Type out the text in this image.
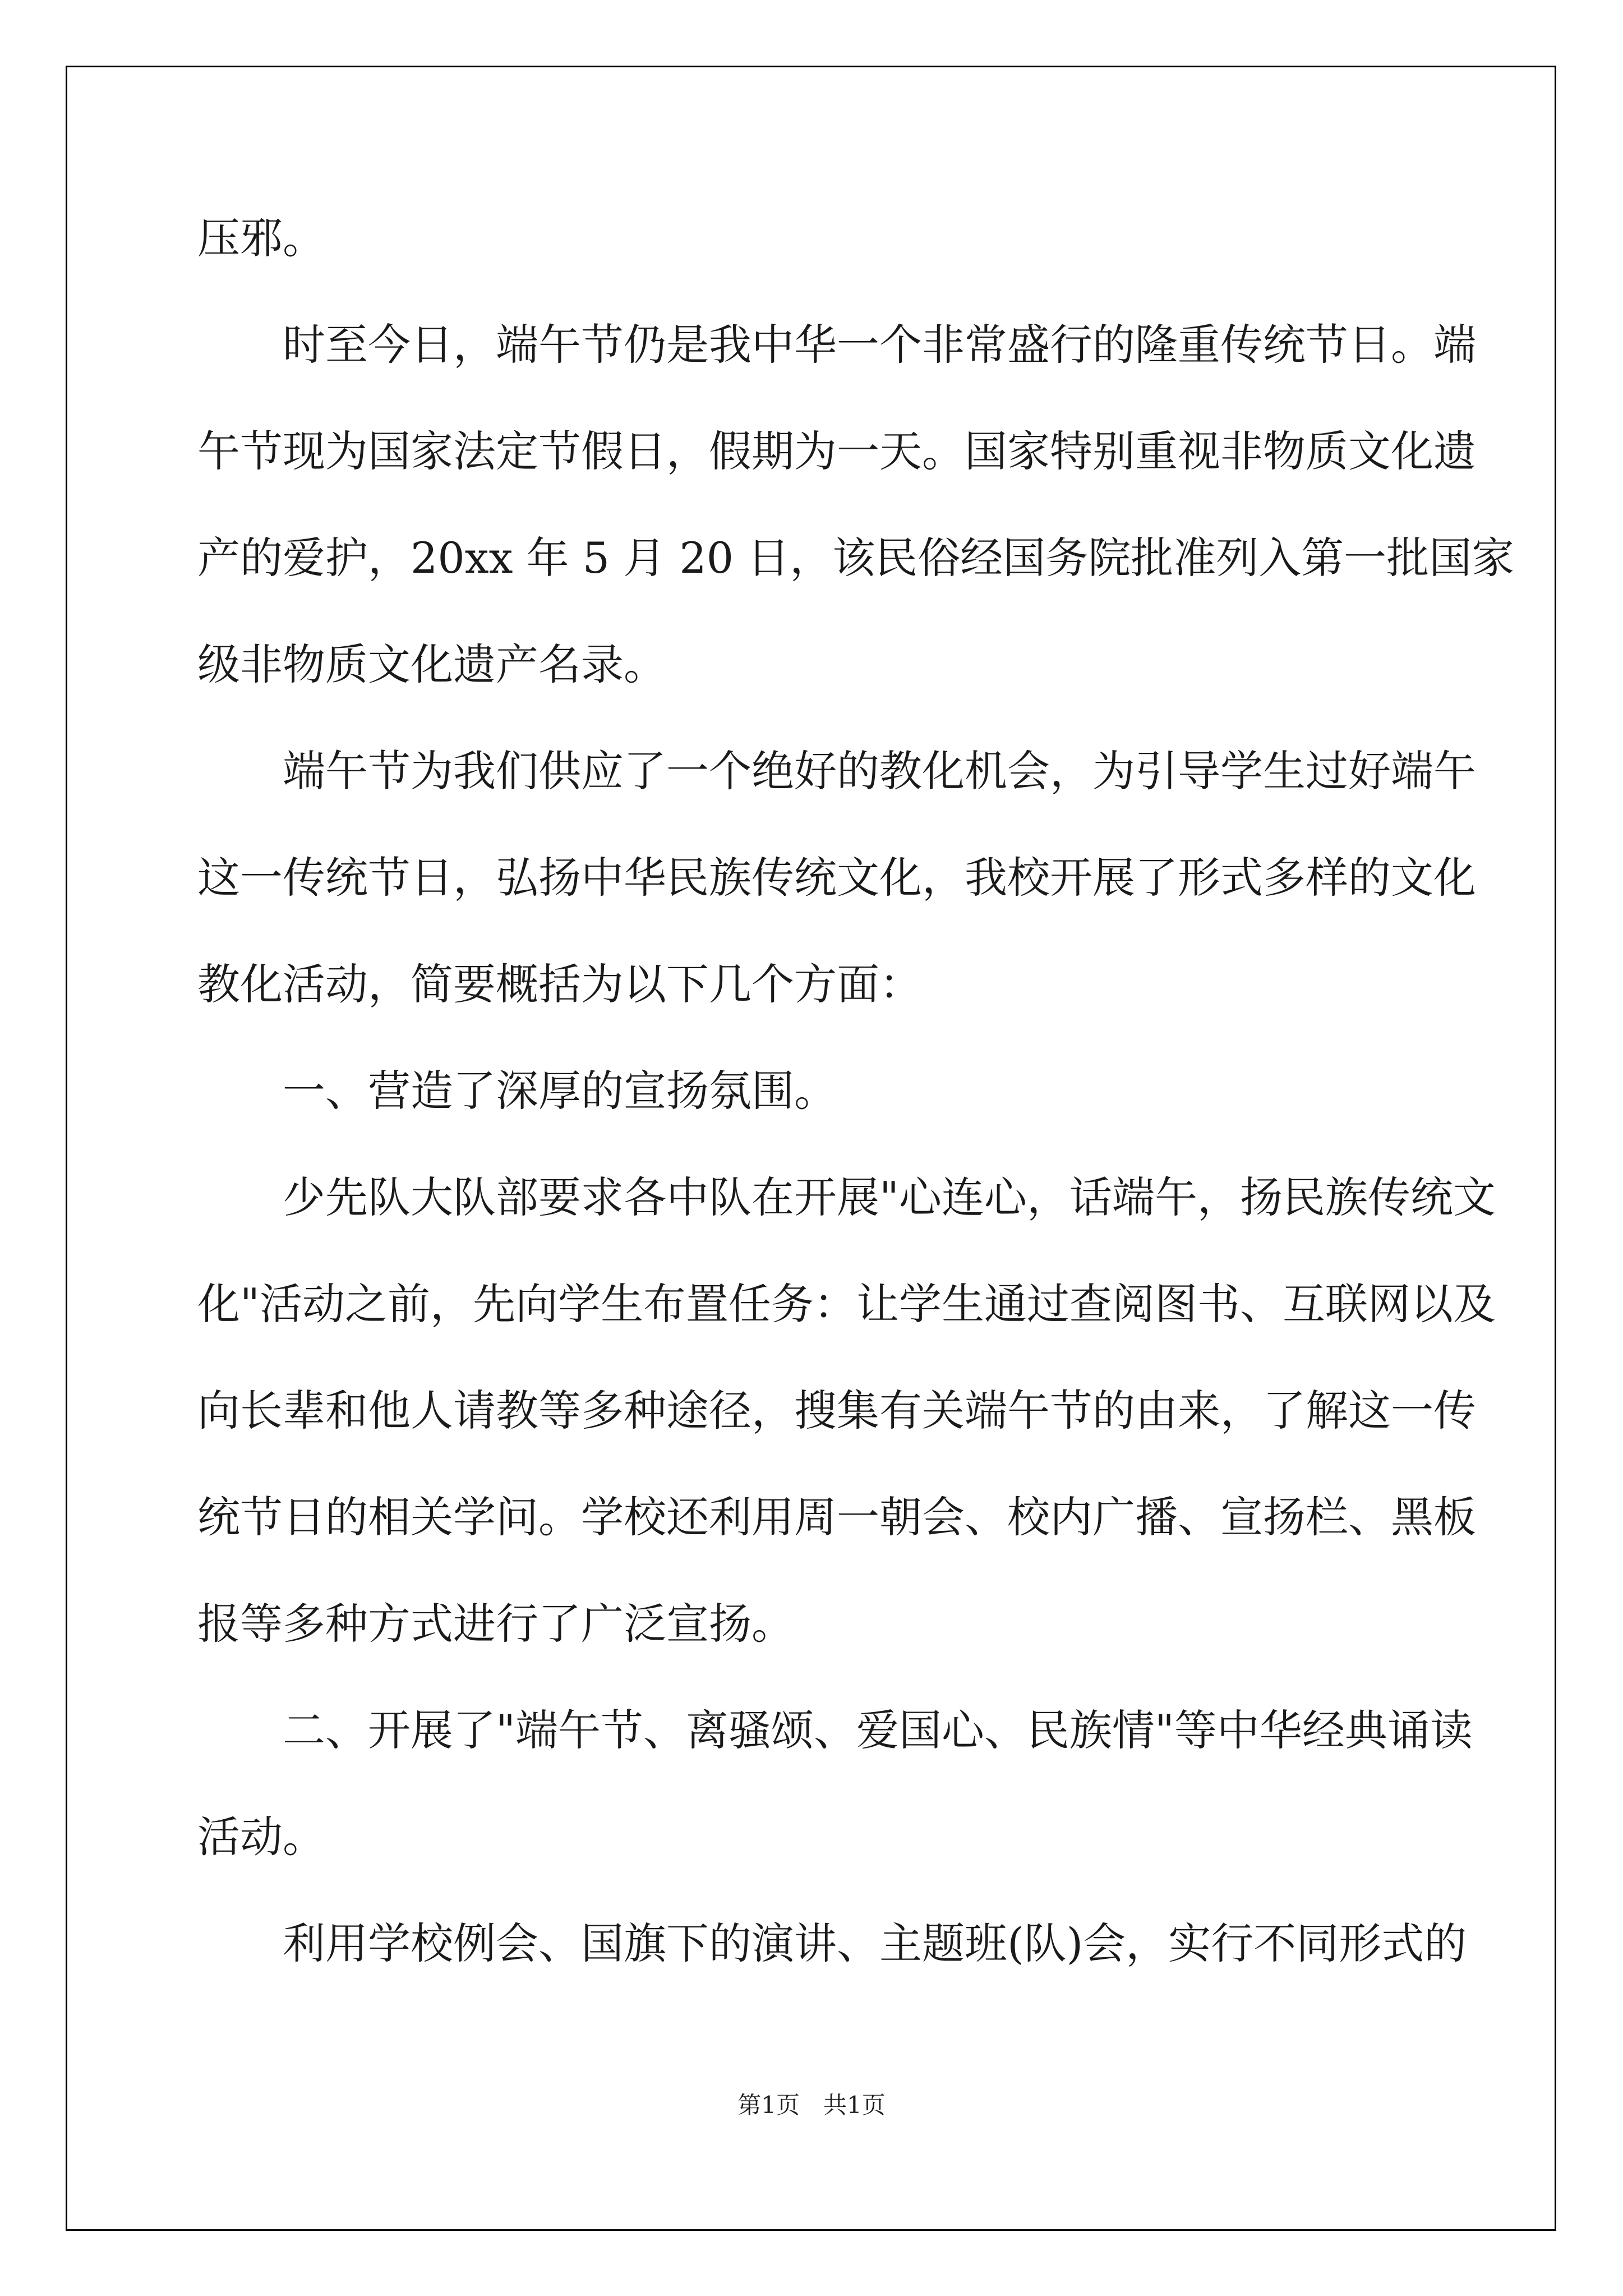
压邪。
时至今日，端午节仍是我中华一个非常盛行的隆重传统节日。端
午节现为国家法定节假日，假期为一天。国家特别重视非物质文化遗
产的爱护，20xx 年 5 月 20 日，该民俗经国务院批准列入第一批国家
级非物质文化遗产名录。
端午节为我们供应了一个绝好的教化机会，为引导学生过好端午
这一传统节日，弘扬中华民族传统文化，我校开展了形式多样的文化
教化活动，简要概括为以下几个方面：
一、营造了深厚的宣扬氛围。
少先队大队部要求各中队在开展"心连心，话端午，扬民族传统文
化"活动之前，先向学生布置任务：让学生通过查阅图书、互联网以及
向长辈和他人请教等多种途径，搜集有关端午节的由来，了解这一传
统节日的相关学问。学校还利用周一朝会、校内广播、宣扬栏、黑板
报等多种方式进行了广泛宣扬。
二、开展了"端午节、离骚颂、爱国心、民族情"等中华经典诵读
活动。
利用学校例会、国旗下的演讲、主题班(队)会，实行不同形式的
第1页　共1页
